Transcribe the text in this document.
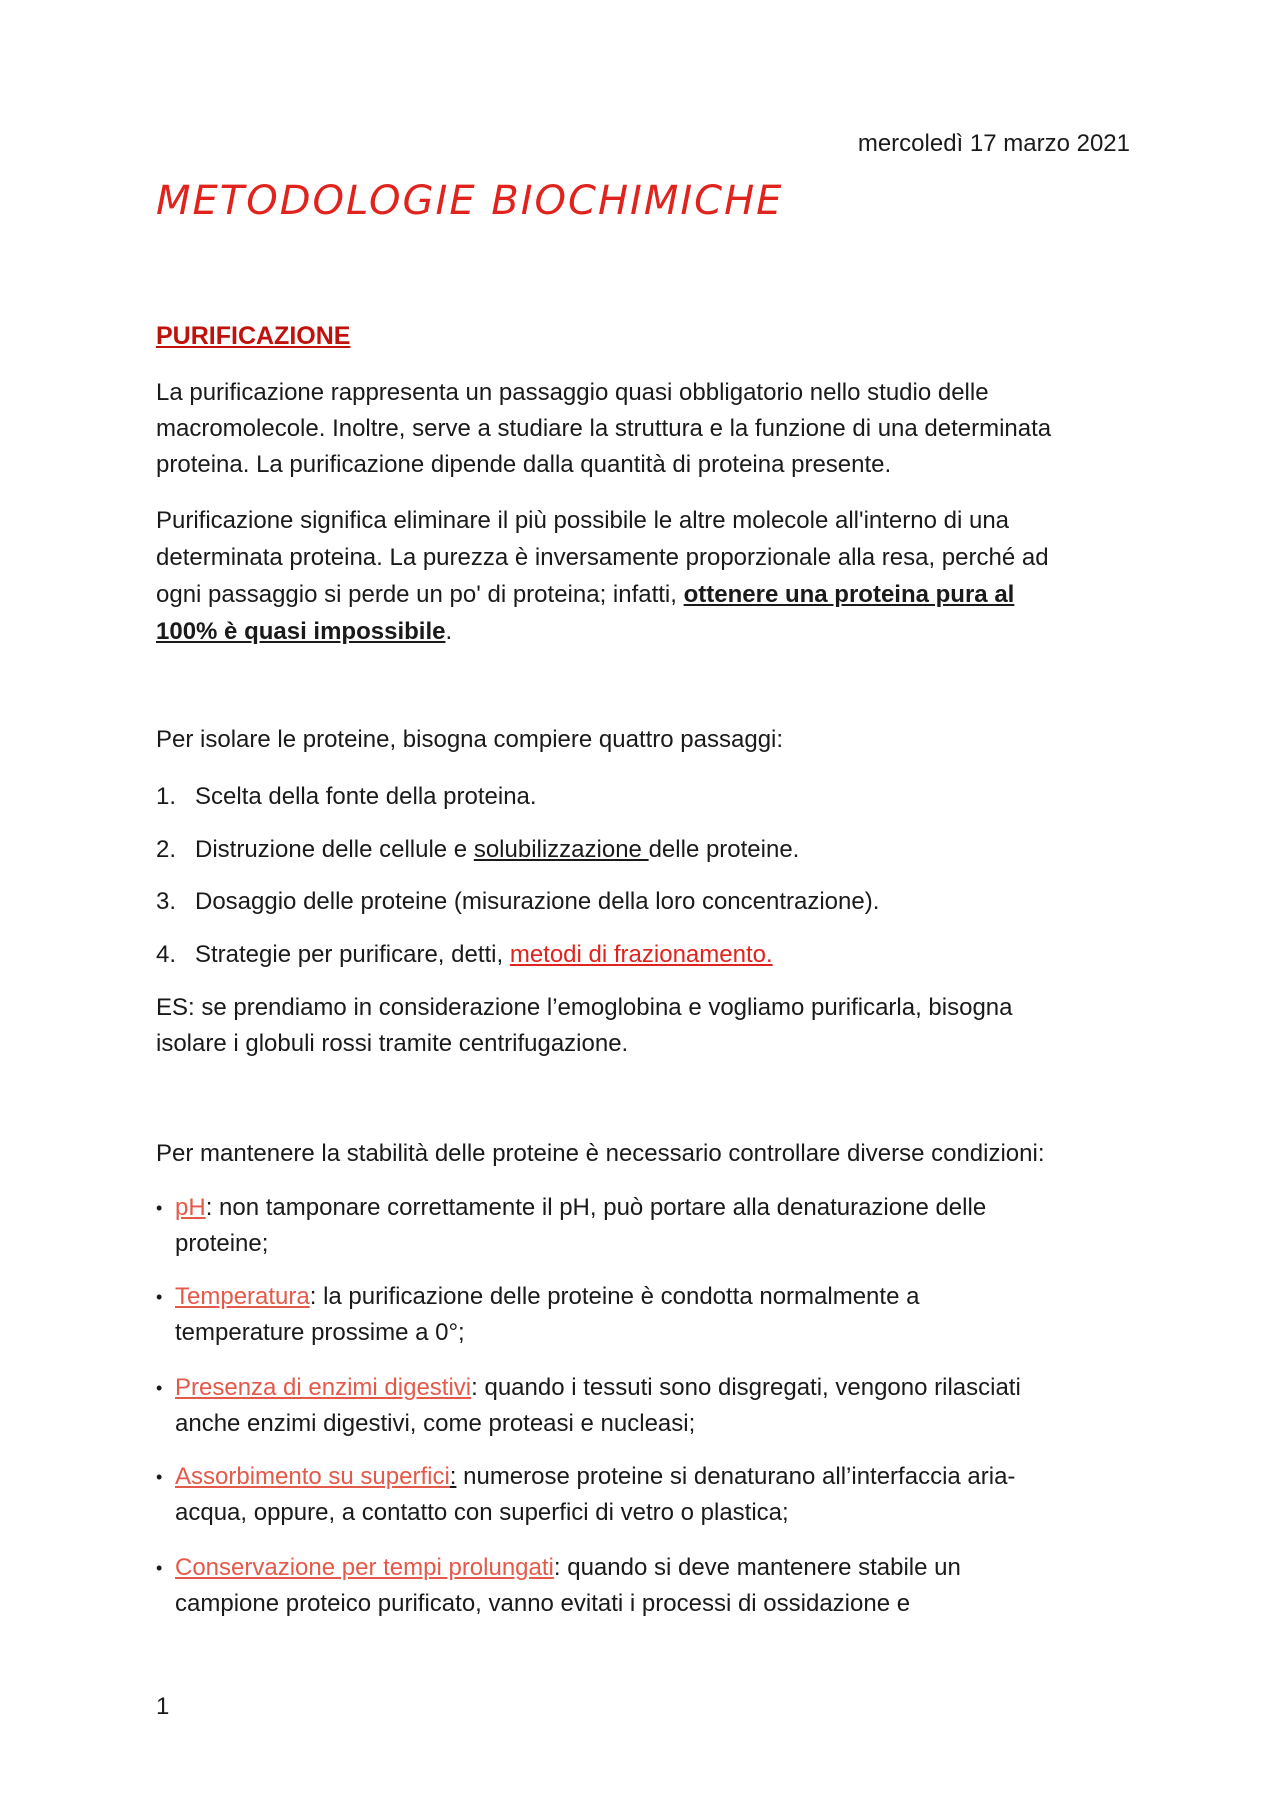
mercoledì 17 marzo 2021
METODOLOGIE BIOCHIMICHE
PURIFICAZIONE

La purificazione rappresenta un passaggio quasi obbligatorio nello studio delle
macromolecole. Inoltre, serve a studiare la struttura e la funzione di una determinata
proteina. La purificazione dipende dalla quantità di proteina presente.

Purificazione significa eliminare il più possibile le altre molecole all'interno di una
determinata proteina. La purezza è inversamente proporzionale alla resa, perché ad
ogni passaggio si perde un po' di proteina; infatti, ottenere una proteina pura al
100% è quasi impossibile.

Per isolare le proteine, bisogna compiere quattro passaggi:

1. Scelta della fonte della proteina.
2. Distruzione delle cellule e solubilizzazione delle proteine.
3. Dosaggio delle proteine (misurazione della loro concentrazione).
4. Strategie per purificare, detti, metodi di frazionamento.

ES: se prendiamo in considerazione l’emoglobina e vogliamo purificarla, bisogna
isolare i globuli rossi tramite centrifugazione.

Per mantenere la stabilità delle proteine è necessario controllare diverse condizioni:

• pH: non tamponare correttamente il pH, può portare alla denaturazione delle
proteine;
• Temperatura: la purificazione delle proteine è condotta normalmente a
temperature prossime a 0°;
• Presenza di enzimi digestivi: quando i tessuti sono disgregati, vengono rilasciati
anche enzimi digestivi, come proteasi e nucleasi;
• Assorbimento su superfici: numerose proteine si denaturano all’interfaccia aria-
acqua, oppure, a contatto con superfici di vetro o plastica;
• Conservazione per tempi prolungati: quando si deve mantenere stabile un
campione proteico purificato, vanno evitati i processi di ossidazione e
1
